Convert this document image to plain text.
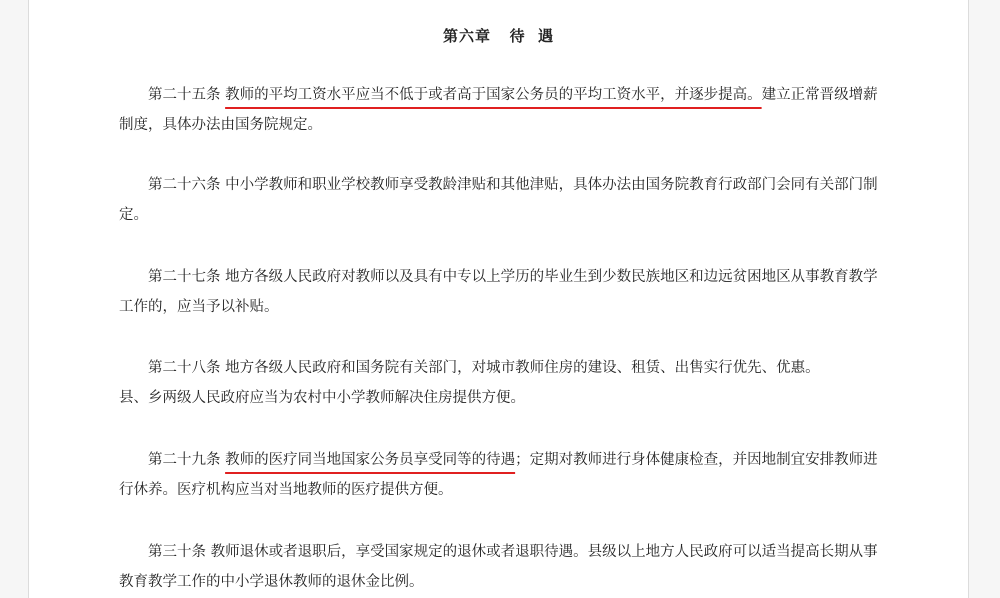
第六章   待  遇

第二十五条 教师的平均工资水平应当不低于或者高于国家公务员的平均工资水平，并逐步提高。建立正常晋级增薪制度，具体办法由国务院规定。

第二十六条 中小学教师和职业学校教师享受教龄津贴和其他津贴，具体办法由国务院教育行政部门会同有关部门制定。

第二十七条 地方各级人民政府对教师以及具有中专以上学历的毕业生到少数民族地区和边远贫困地区从事教育教学工作的，应当予以补贴。

第二十八条 地方各级人民政府和国务院有关部门，对城市教师住房的建设、租赁、出售实行优先、优惠。
县、乡两级人民政府应当为农村中小学教师解决住房提供方便。

第二十九条 教师的医疗同当地国家公务员享受同等的待遇；定期对教师进行身体健康检查，并因地制宜安排教师进行休养。医疗机构应当对当地教师的医疗提供方便。

第三十条 教师退休或者退职后，享受国家规定的退休或者退职待遇。县级以上地方人民政府可以适当提高长期从事教育教学工作的中小学退休教师的退休金比例。
